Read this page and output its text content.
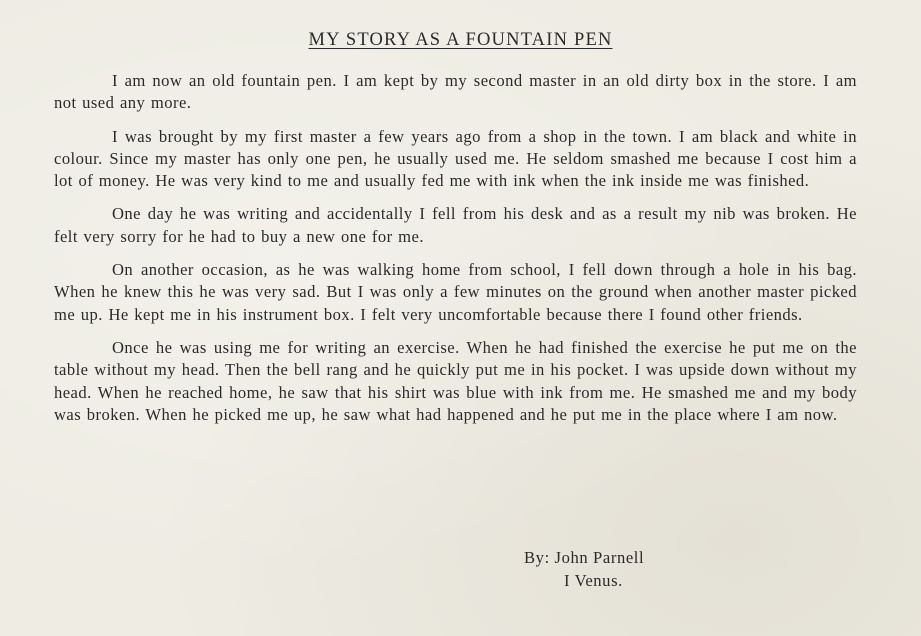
MY STORY AS A FOUNTAIN PEN

I am now an old fountain pen. I am kept by my second master in an old dirty box in the store. I am not used any more.

I was brought by my first master a few years ago from a shop in the town. I am black and white in colour. Since my master has only one pen, he usually used me. He seldom smashed me because I cost him a lot of money. He was very kind to me and usually fed me with ink when the ink inside me was finished.

One day he was writing and accidentally I fell from his desk and as a result my nib was broken. He felt very sorry for he had to buy a new one for me.

On another occasion, as he was walking home from school, I fell down through a hole in his bag. When he knew this he was very sad. But I was only a few minutes on the ground when another master picked me up. He kept me in his instrument box. I felt very uncomfortable because there I found other friends.

Once he was using me for writing an exercise. When he had finished the exercise he put me on the table without my head. Then the bell rang and he quickly put me in his pocket. I was upside down without my head. When he reached home, he saw that his shirt was blue with ink from me. He smashed me and my body was broken. When he picked me up, he saw what had happened and he put me in the place where I am now.

By: John Parnell
I Venus.
